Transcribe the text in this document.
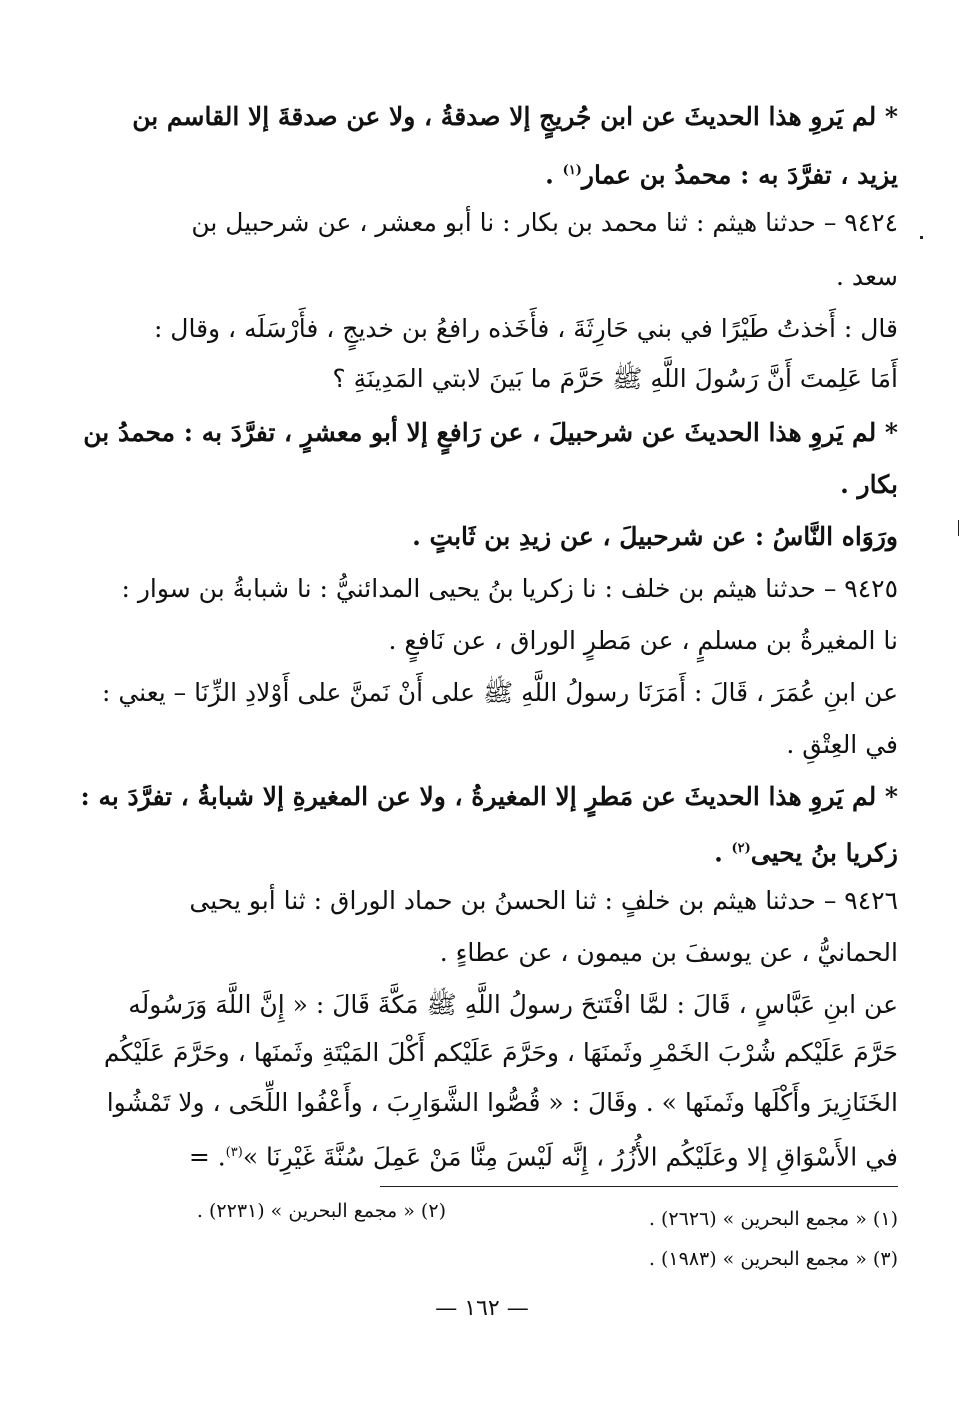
* لم يَروِ هذا الحديثَ عن ابن جُريجٍ إلا صدقةُ ، ولا عن صدقةَ إلا القاسم بن
يزيد ، تفرَّدَ به : محمدُ بن عمار$^{(١)}$ .
٩٤٢٤ – حدثنا هيثم : ثنا محمد بن بكار : نا أبو معشر ، عن شرحبيل بن
سعد .
قال : أَخذتُ طَيْرًا في بني حَارِثَةَ ، فأَخَذه رافعُ بن خديجٍ ، فأَرْسَلَه ، وقال :
أَمَا عَلِمتَ أَنَّ رَسُولَ اللَّهِ ﷺ حَرَّمَ ما بَينَ لابتي المَدِينَةِ ؟
* لم يَروِ هذا الحديثَ عن شرحبيلَ ، عن رَافعٍ إلا أبو معشرٍ ، تفرَّدَ به : محمدُ بن
بكار .
ورَوَاه النَّاسُ : عن شرحبيلَ ، عن زيدِ بن ثَابتٍ .
٩٤٢٥ – حدثنا هيثم بن خلف : نا زكريا بنُ يحيى المدائنيُّ : نا شبابةُ بن سوار :
نا المغيرةُ بن مسلمٍ ، عن مَطرٍ الوراق ، عن نَافعٍ .
عن ابنِ عُمَرَ ، قَالَ : أَمَرَنَا رسولُ اللَّهِ ﷺ على أَنْ نَمنَّ على أَوْلادِ الزِّنَا – يعني :
في العِتْقِ .
* لم يَروِ هذا الحديثَ عن مَطرٍ إلا المغيرةُ ، ولا عن المغيرةِ إلا شبابةُ ، تفرَّدَ به :
زكريا بنُ يحيى$^{(٢)}$ .
٩٤٢٦ – حدثنا هيثم بن خلفٍ : ثنا الحسنُ بن حماد الوراق : ثنا أبو يحيى
الحمانيُّ ، عن يوسفَ بن ميمون ، عن عطاءٍ .
عن ابنِ عَبَّاسٍ ، قَالَ : لمَّا افْتَتحَ رسولُ اللَّهِ ﷺ مَكَّةَ قَالَ : « إِنَّ اللَّهَ وَرَسُولَه
حَرَّمَ عَلَيْكم شُرْبَ الخَمْرِ وثَمنَهَا ، وحَرَّمَ عَلَيْكم أَكْلَ المَيْتَةِ وثَمنَها ، وحَرَّمَ عَلَيْكُم
الخَنَازِيرَ وأَكْلَها وثَمنَها » . وقَالَ : « قُصُّوا الشَّوَارِبَ ، وأَعْفُوا اللِّحَى ، ولا تَمْشُوا
في الأَسْوَاقِ إلا وعَلَيْكُم الأُزُرُ ، إِنَّه لَيْسَ مِنَّا مَنْ عَمِلَ سُنَّةَ غَيْرِنَا »$^{(٣)}$. =
(١) « مجمع البحرين » (٢٦٢٦) .
(٢) « مجمع البحرين » (٢٢٣١) .
(٣) « مجمع البحرين » (١٩٨٣) .
— ١٦٢ —
